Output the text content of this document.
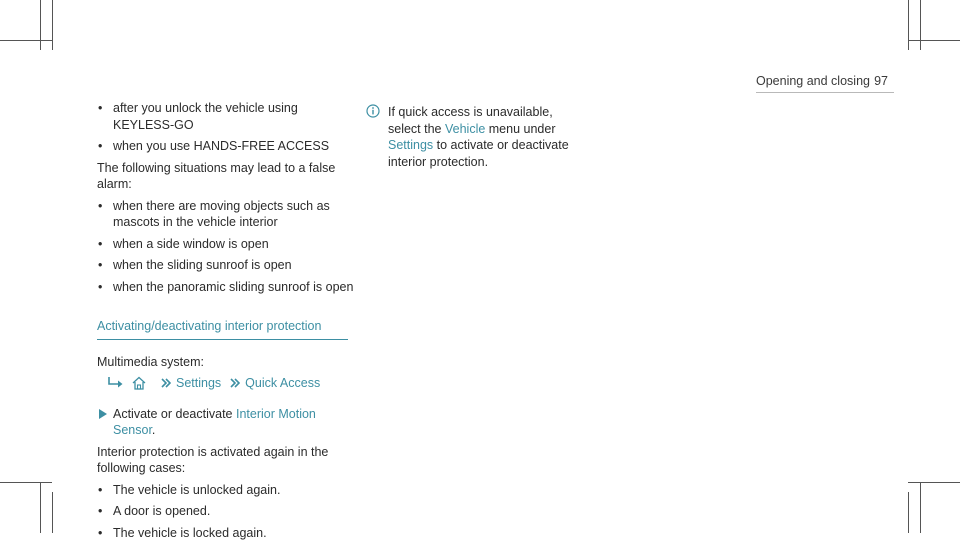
Opening and closing 97
• after you unlock the vehicle using KEYLESS-GO
• when you use HANDS-FREE ACCESS
The following situations may lead to a false alarm:
• when there are moving objects such as mascots in the vehicle interior
• when a side window is open
• when the sliding sunroof is open
• when the panoramic sliding sunroof is open
Activating/deactivating interior protection
Multimedia system:
Settings Quick Access
Activate or deactivate Interior Motion Sensor.
Interior protection is activated again in the following cases:
• The vehicle is unlocked again.
• A door is opened.
• The vehicle is locked again.
If quick access is unavailable, select the Vehicle menu under Settings to activate or deactivate interior protection.
